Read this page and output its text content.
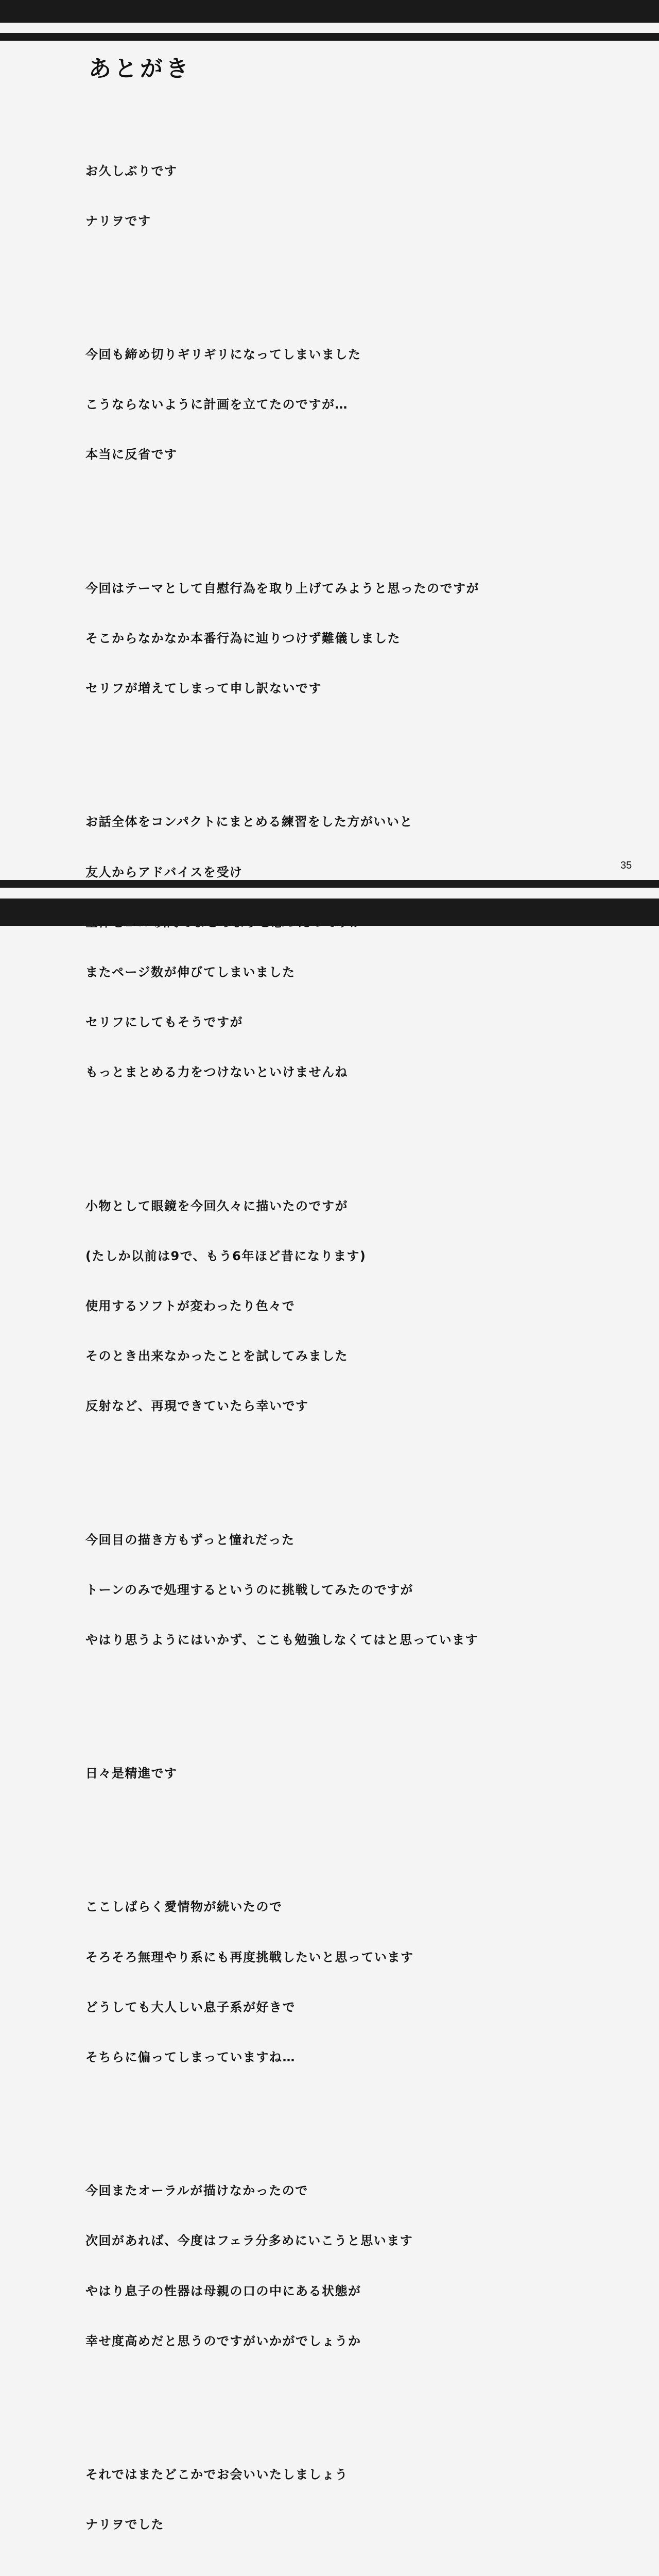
あとがき

お久しぶりです

ナリヲです

今回も締め切りギリギリになってしまいました

こうならないように計画を立てたのですが…

本当に反省です

今回はテーマとして自慰行為を取り上げてみようと思ったのですが

そこからなかなか本番行為に辿りつけず難儀しました

セリフが増えてしまって申し訳ないです

お話全体をコンパクトにまとめる練習をした方がいいと

友人からアドバイスを受け

またページ数が伸びてしまいました

セリフにしてもそうですが

もっとまとめる力をつけないといけませんね

小物として眼鏡を今回久々に描いたのですが

(たしか以前は9で、もう6年ほど昔になります)

使用するソフトが変わったり色々で

そのとき出来なかったことを試してみました

反射など、再現できていたら幸いです

今回目の描き方もずっと憧れだった

トーンのみで処理するというのに挑戦してみたのですが

やはり思うようにはいかず、ここも勉強しなくてはと思っています

日々是精進です

ここしばらく愛情物が続いたので

そろそろ無理やり系にも再度挑戦したいと思っています

どうしても大人しい息子系が好きで

そちらに偏ってしまっていますね…

今回またオーラルが描けなかったので

次回があれば、今度はフェラ分多めにいこうと思います

やはり息子の性器は母親の口の中にある状態が

幸せ度高めだと思うのですがいかがでしょうか

それではまたどこかでお会いいたしましょう

ナリヲでした

35
